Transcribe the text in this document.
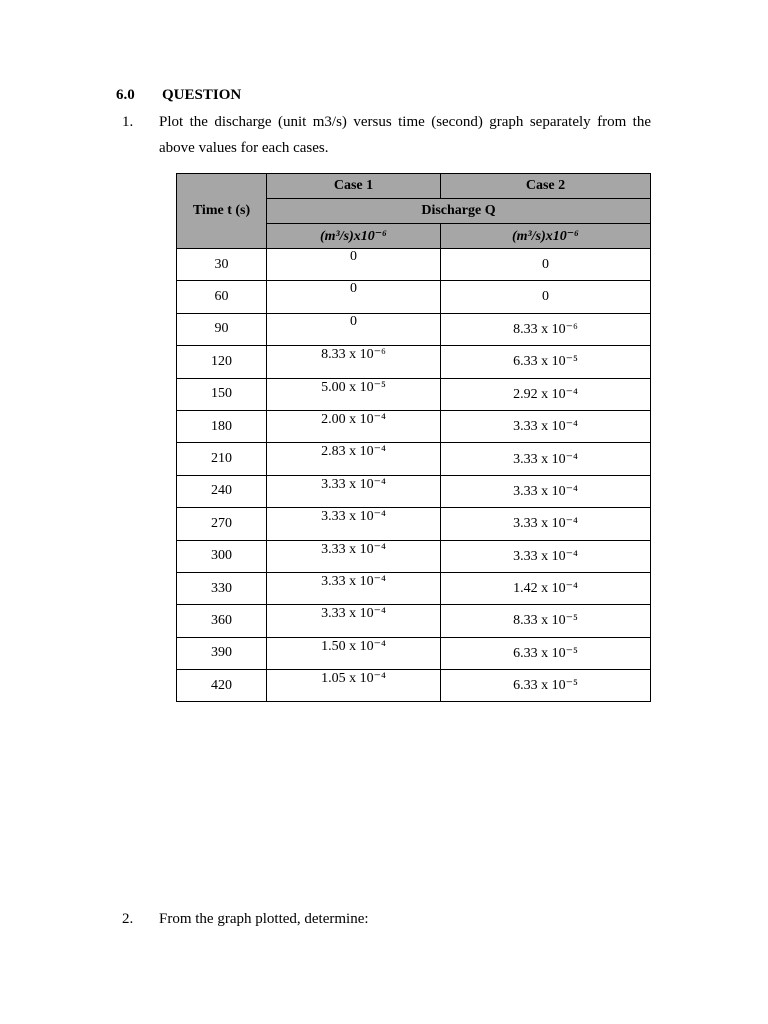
6.0 QUESTION
1. Plot the discharge (unit m3/s) versus time (second) graph separately from the above values for each cases.
Time t (s)	Case 1	Case 2
	Discharge Q	
	(m³/s)x10⁻⁶	(m³/s)x10⁻⁶
30	0	0
60	0	0
90	0	8.33 x 10⁻⁶
120	8.33 x 10⁻⁶	6.33 x 10⁻⁵
150	5.00 x 10⁻⁵	2.92 x 10⁻⁴
180	2.00 x 10⁻⁴	3.33 x 10⁻⁴
210	2.83 x 10⁻⁴	3.33 x 10⁻⁴
240	3.33 x 10⁻⁴	3.33 x 10⁻⁴
270	3.33 x 10⁻⁴	3.33 x 10⁻⁴
300	3.33 x 10⁻⁴	3.33 x 10⁻⁴
330	3.33 x 10⁻⁴	1.42 x 10⁻⁴
360	3.33 x 10⁻⁴	8.33 x 10⁻⁵
390	1.50 x 10⁻⁴	6.33 x 10⁻⁵
420	1.05 x 10⁻⁴	6.33 x 10⁻⁵
2. From the graph plotted, determine:
